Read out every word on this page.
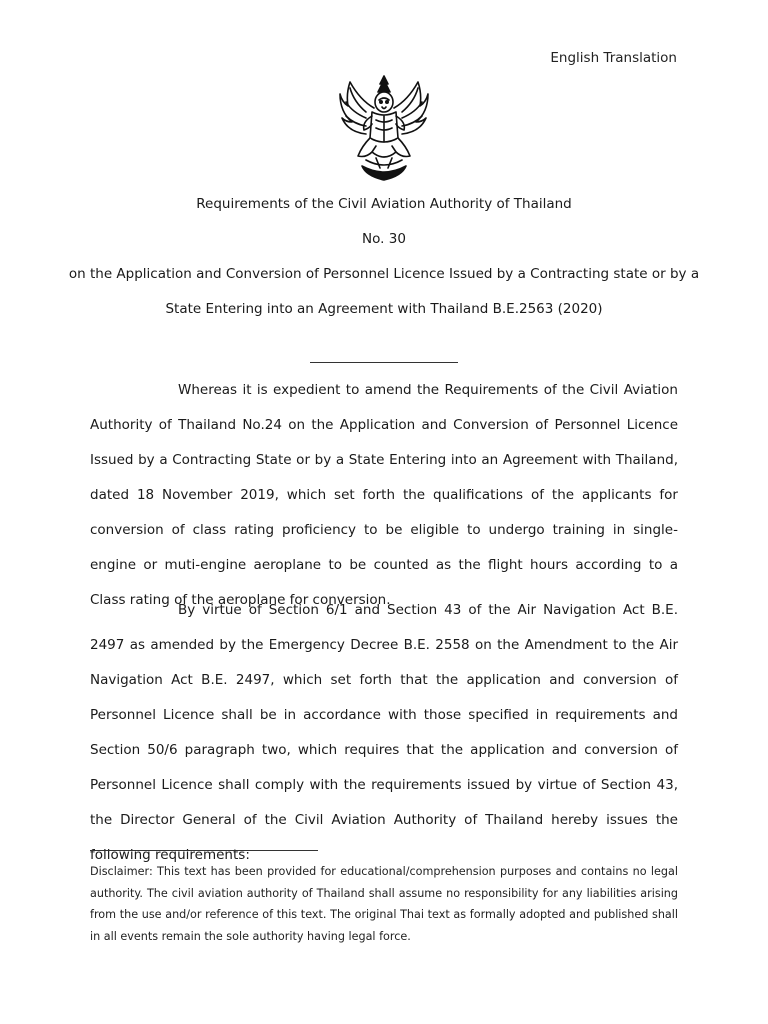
English Translation
Requirements of the Civil Aviation Authority of Thailand
No. 30
on the Application and Conversion of Personnel Licence Issued by a Contracting state or by a
State Entering into an Agreement with Thailand B.E.2563 (2020)

Whereas it is expedient to amend the Requirements of the Civil Aviation Authority of Thailand No.24 on the Application and Conversion of Personnel Licence Issued by a Contracting State or by a State Entering into an Agreement with Thailand, dated 18 November 2019, which set forth the qualifications of the applicants for conversion of class rating proficiency to be eligible to undergo training in single-engine or muti-engine aeroplane to be counted as the flight hours according to a Class rating of the aeroplane for conversion.

By virtue of Section 6/1 and Section 43 of the Air Navigation Act B.E. 2497 as amended by the Emergency Decree B.E. 2558 on the Amendment to the Air Navigation Act B.E. 2497, which set forth that the application and conversion of Personnel Licence shall be in accordance with those specified in requirements and Section 50/6 paragraph two, which requires that the application and conversion of Personnel Licence shall comply with the requirements issued by virtue of Section 43, the Director General of the Civil Aviation Authority of Thailand hereby issues the following requirements:

Disclaimer: This text has been provided for educational/comprehension purposes and contains no legal authority. The civil aviation authority of Thailand shall assume no responsibility for any liabilities arising from the use and/or reference of this text. The original Thai text as formally adopted and published shall in all events remain the sole authority having legal force.
